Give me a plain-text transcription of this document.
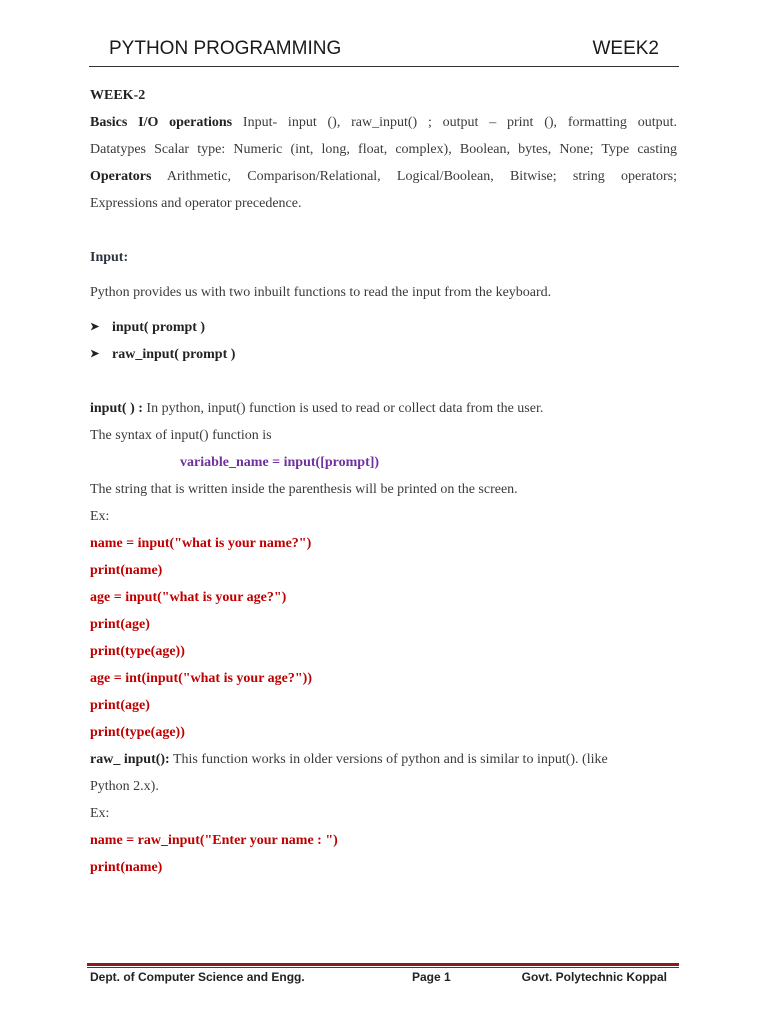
PYTHON PROGRAMMING	WEEK2
WEEK-2
Basics I/O operations Input- input (), raw_input() ; output – print (), formatting output.
Datatypes Scalar type: Numeric (int, long, float, complex), Boolean, bytes, None; Type casting
Operators Arithmetic, Comparison/Relational, Logical/Boolean, Bitwise; string operators;
Expressions and operator precedence.
Input:
Python provides us with two inbuilt functions to read the input from the keyboard.
➤ input( prompt )
➤ raw_input( prompt )
input( ) : In python, input() function is used to read or collect data from the user.
The syntax of input() function is
variable_name = input([prompt])
The string that is written inside the parenthesis will be printed on the screen.
Ex:
name = input("what is your name?")
print(name)
age = input("what is your age?")
print(age)
print(type(age))
age = int(input("what is your age?"))
print(age)
print(type(age))
raw_ input(): This function works in older versions of python and is similar to input(). (like
Python 2.x).
Ex:
name = raw_input("Enter your name : ")
print(name)
Dept. of Computer Science and Engg.	Page 1	Govt. Polytechnic Koppal
